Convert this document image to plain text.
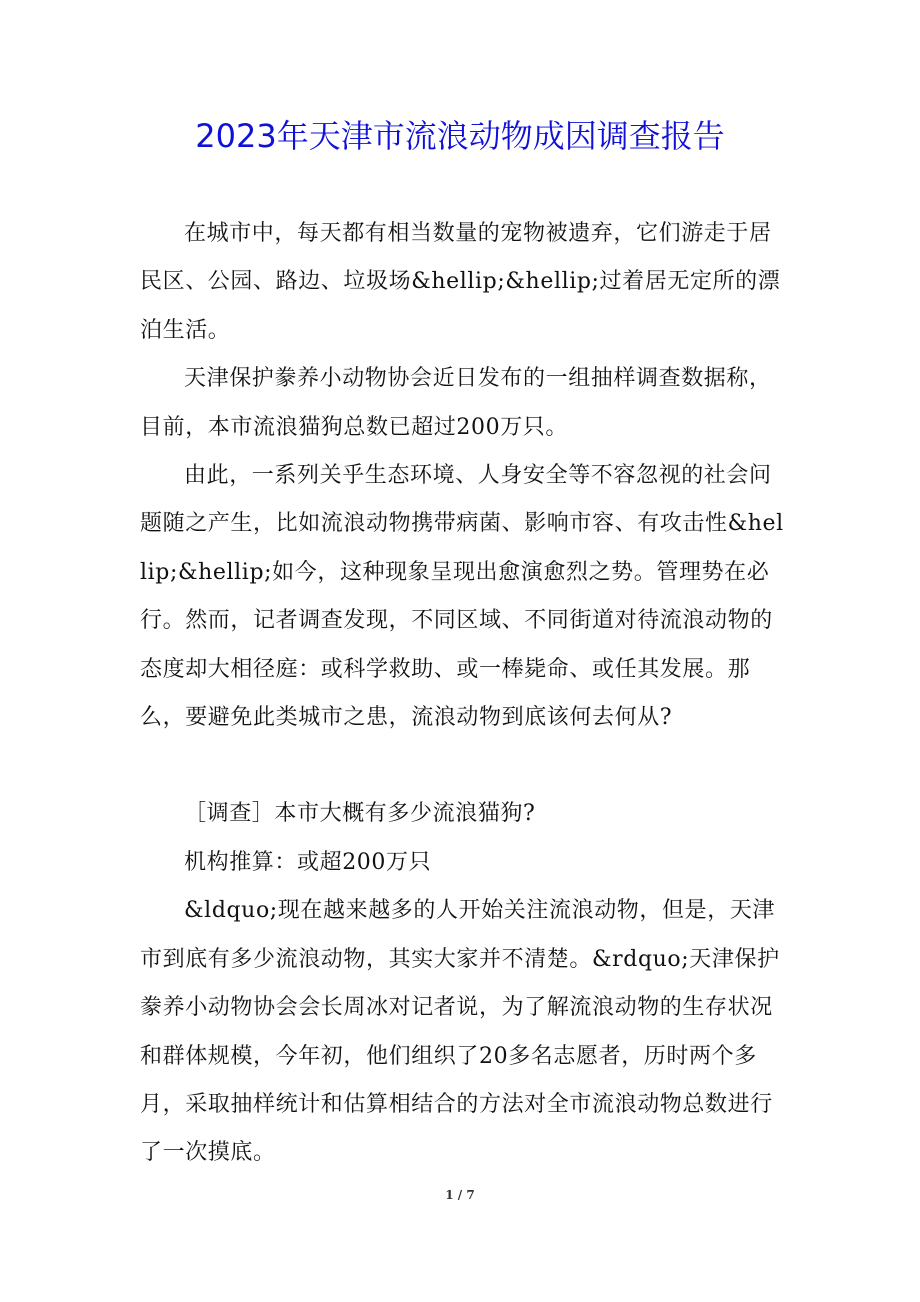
2023年天津市流浪动物成因调查报告

在城市中，每天都有相当数量的宠物被遗弃，它们游走于居民区、公园、路边、垃圾场&hellip;&hellip;过着居无定所的漂泊生活。

天津保护豢养小动物协会近日发布的一组抽样调查数据称，目前，本市流浪猫狗总数已超过200万只。

由此，一系列关乎生态环境、人身安全等不容忽视的社会问题随之产生，比如流浪动物携带病菌、影响市容、有攻击性&hellip;&hellip;如今，这种现象呈现出愈演愈烈之势。管理势在必行。然而，记者调查发现，不同区域、不同街道对待流浪动物的态度却大相径庭：或科学救助、或一棒毙命、或任其发展。那么，要避免此类城市之患，流浪动物到底该何去何从?

［调查］本市大概有多少流浪猫狗?

机构推算：或超200万只

&ldquo;现在越来越多的人开始关注流浪动物，但是，天津市到底有多少流浪动物，其实大家并不清楚。&rdquo;天津保护豢养小动物协会会长周冰对记者说，为了解流浪动物的生存状况和群体规模，今年初，他们组织了20多名志愿者，历时两个多月，采取抽样统计和估算相结合的方法对全市流浪动物总数进行了一次摸底。

1 / 7
